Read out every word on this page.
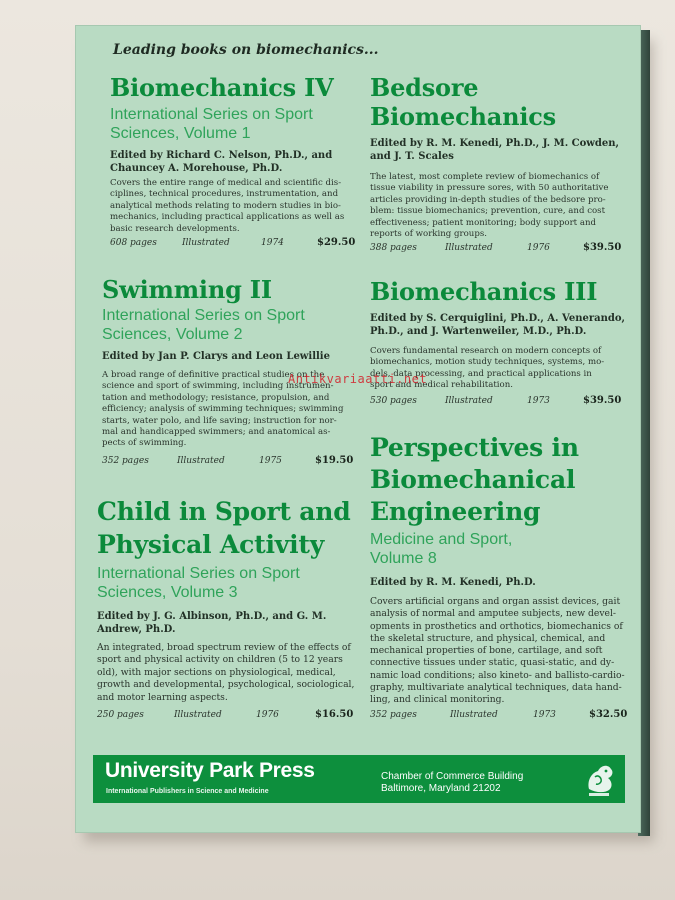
Leading books on biomechanics...
Biomechanics IV
International Series on Sport
Sciences, Volume 1
Edited by Richard C. Nelson, Ph.D., and
Chauncey A. Morehouse, Ph.D.
Covers the entire range of medical and scientific dis-
ciplines, technical procedures, instrumentation, and
analytical methods relating to modern studies in bio-
mechanics, including practical applications as well as
basic research developments.
608 pages	Illustrated	1974	$29.50
Bedsore
Biomechanics
Edited by R. M. Kenedi, Ph.D., J. M. Cowden,
and J. T. Scales
The latest, most complete review of biomechanics of
tissue viability in pressure sores, with 50 authoritative
articles providing in-depth studies of the bedsore pro-
blem: tissue biomechanics; prevention, cure, and cost
effectiveness; patient monitoring; body support and
reports of working groups.
388 pages	Illustrated	1976	$39.50
Swimming II
International Series on Sport
Sciences, Volume 2
Edited by Jan P. Clarys and Leon Lewillie
A broad range of definitive practical studies on the
science and sport of swimming, including instrumen-
tation and methodology; resistance, propulsion, and
efficiency; analysis of swimming techniques; swimming
starts, water polo, and life saving; instruction for nor-
mal and handicapped swimmers; and anatomical as-
pects of swimming.
352 pages	Illustrated	1975	$19.50
Biomechanics III
Edited by S. Cerquiglini, Ph.D., A. Venerando,
Ph.D., and J. Wartenweiler, M.D., Ph.D.
Covers fundamental research on modern concepts of
biomechanics, motion study techniques, systems, mo-
dels, data processing, and practical applications in
sport and medical rehabilitation.
530 pages	Illustrated	1973	$39.50
Child in Sport and
Physical Activity
International Series on Sport
Sciences, Volume 3
Edited by J. G. Albinson, Ph.D., and G. M.
Andrew, Ph.D.
An integrated, broad spectrum review of the effects of
sport and physical activity on children (5 to 12 years
old), with major sections on physiological, medical,
growth and developmental, psychological, sociological,
and motor learning aspects.
250 pages	Illustrated	1976	$16.50
Perspectives in
Biomechanical
Engineering
Medicine and Sport,
Volume 8
Edited by R. M. Kenedi, Ph.D.
Covers artificial organs and organ assist devices, gait
analysis of normal and amputee subjects, new devel-
opments in prosthetics and orthotics, biomechanics of
the skeletal structure, and physical, chemical, and
mechanical properties of bone, cartilage, and soft
connective tissues under static, quasi-static, and dy-
namic load conditions; also kineto- and ballisto-cardio-
graphy, multivariate analytical techniques, data hand-
ling, and clinical monitoring.
352 pages	Illustrated	1973	$32.50
University Park Press
International Publishers in Science and Medicine
Chamber of Commerce Building
Baltimore, Maryland 21202
Antikvariaatti.net
